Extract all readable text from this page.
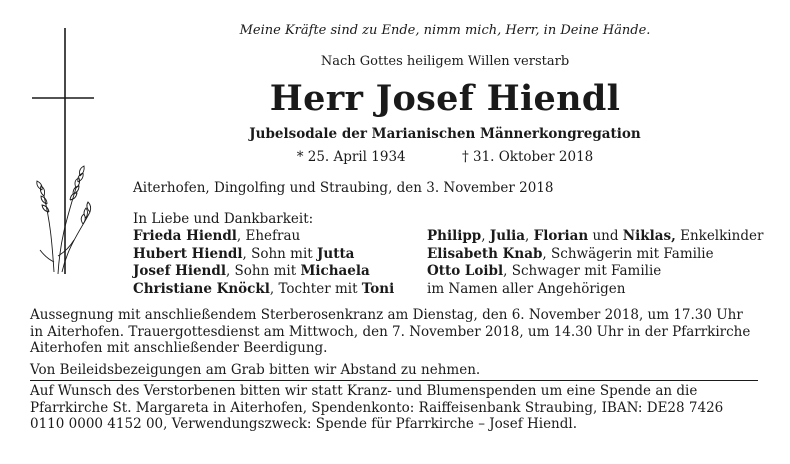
Meine Kräfte sind zu Ende, nimm mich, Herr, in Deine Hände.
Nach Gottes heiligem Willen verstarb
Herr Josef Hiendl
Jubelsodale der Marianischen Männerkongregation
* 25. April 1934	† 31. Oktober 2018
Aiterhofen, Dingolfing und Straubing, den 3. November 2018
In Liebe und Dankbarkeit:
Frieda Hiendl, Ehefrau
Hubert Hiendl, Sohn mit Jutta
Josef Hiendl, Sohn mit Michaela
Christiane Knöckl, Tochter mit Toni
Philipp, Julia, Florian und Niklas, Enkelkinder
Elisabeth Knab, Schwägerin mit Familie
Otto Loibl, Schwager mit Familie
im Namen aller Angehörigen
Aussegnung mit anschließendem Sterberosenkranz am Dienstag, den 6. November 2018, um 17.30 Uhr in Aiterhofen. Trauergottesdienst am Mittwoch, den 7. November 2018, um 14.30 Uhr in der Pfarrkirche Aiterhofen mit anschließender Beerdigung.
Von Beileidsbezeigungen am Grab bitten wir Abstand zu nehmen.
Auf Wunsch des Verstorbenen bitten wir statt Kranz- und Blumenspenden um eine Spende an die Pfarrkirche St. Margareta in Aiterhofen, Spendenkonto: Raiffeisenbank Straubing, IBAN: DE28 7426 0110 0000 4152 00, Verwendungszweck: Spende für Pfarrkirche – Josef Hiendl.
